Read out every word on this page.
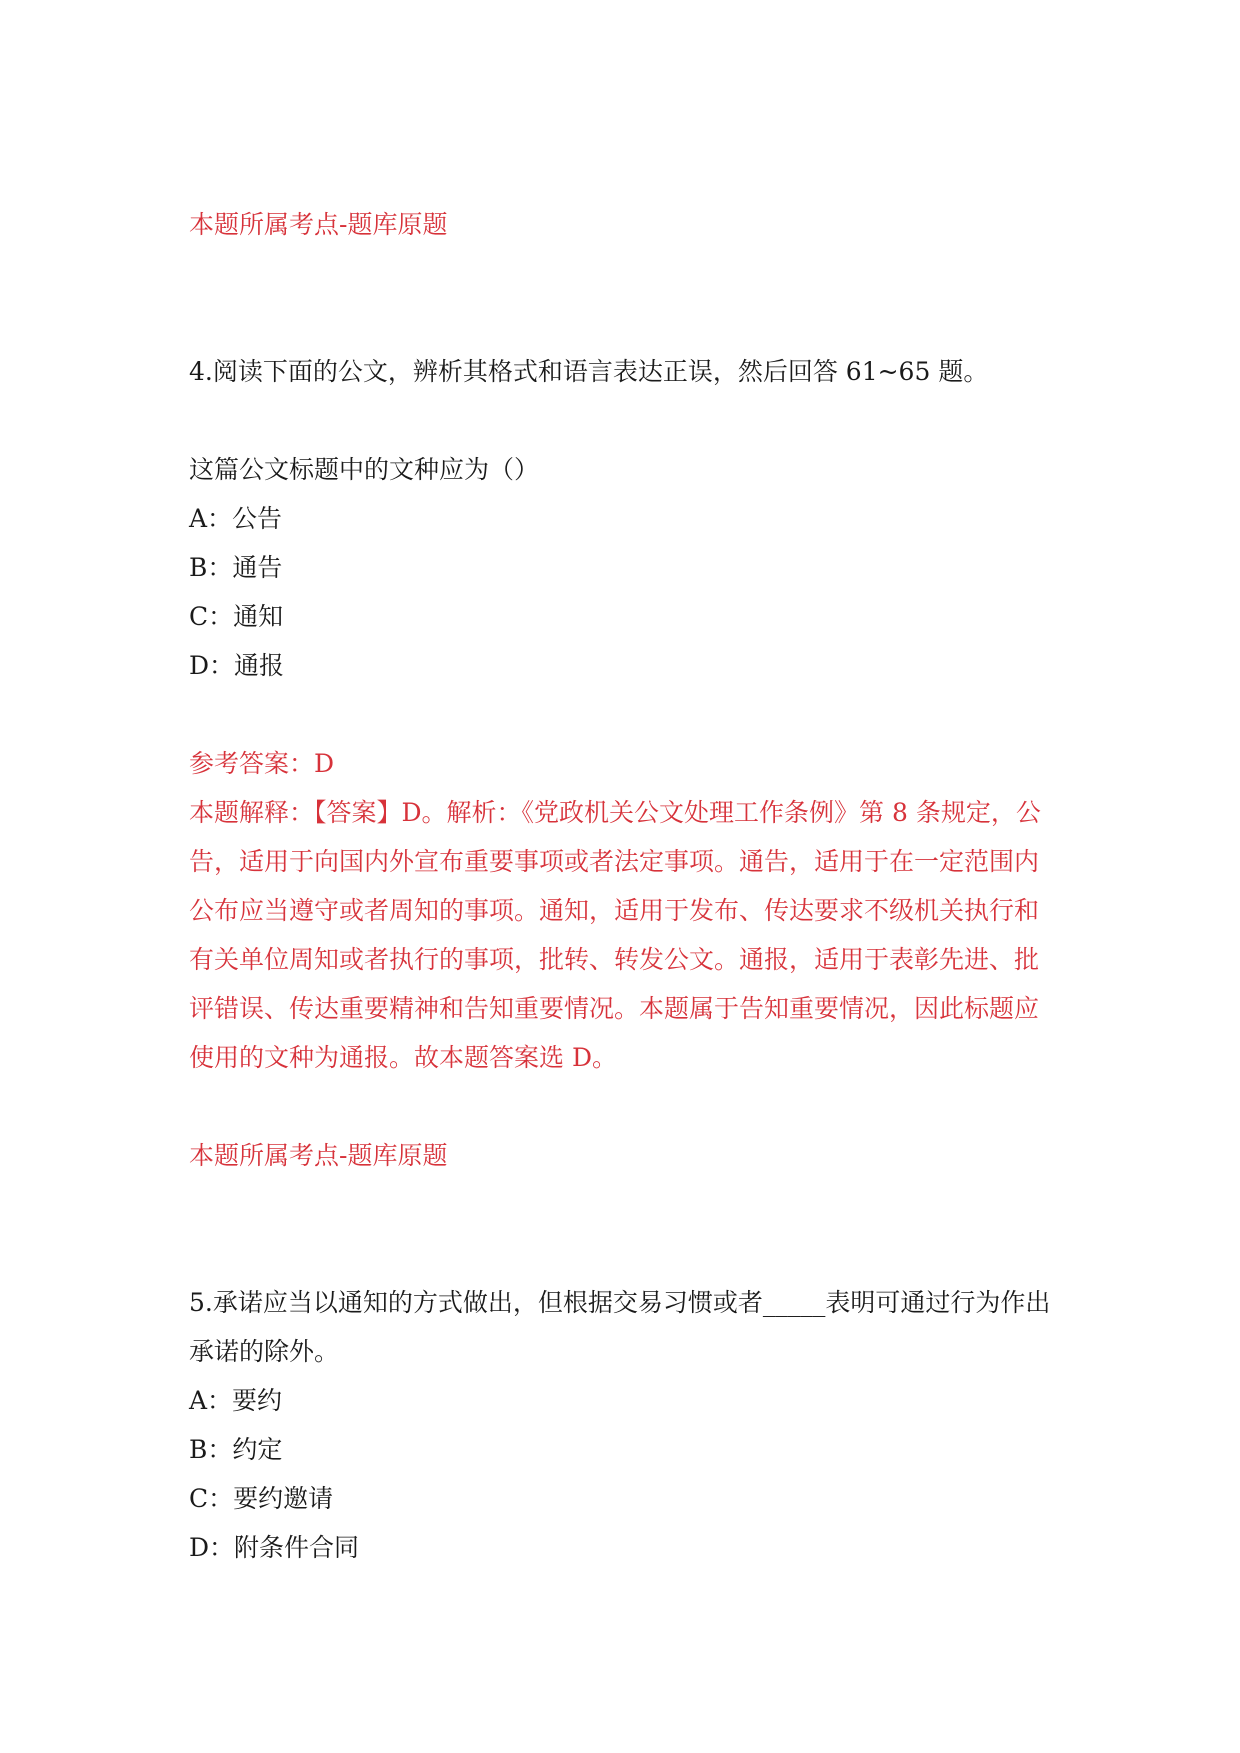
本题所属考点-题库原题
4.阅读下面的公文，辨析其格式和语言表达正误，然后回答 61~65 题。
这篇公文标题中的文种应为（）
A：公告
B：通告
C：通知
D：通报
参考答案：D
本题解释：【答案】D。解析：《党政机关公文处理工作条例》第 8 条规定，公
告，适用于向国内外宣布重要事项或者法定事项。通告，适用于在一定范围内
公布应当遵守或者周知的事项。通知，适用于发布、传达要求不级机关执行和
有关单位周知或者执行的事项，批转、转发公文。通报，适用于表彰先进、批
评错误、传达重要精神和告知重要情况。本题属于告知重要情况，因此标题应
使用的文种为通报。故本题答案选 D。
本题所属考点-题库原题
5.承诺应当以通知的方式做出，但根据交易习惯或者_____表明可通过行为作出
承诺的除外。
A：要约
B：约定
C：要约邀请
D：附条件合同
